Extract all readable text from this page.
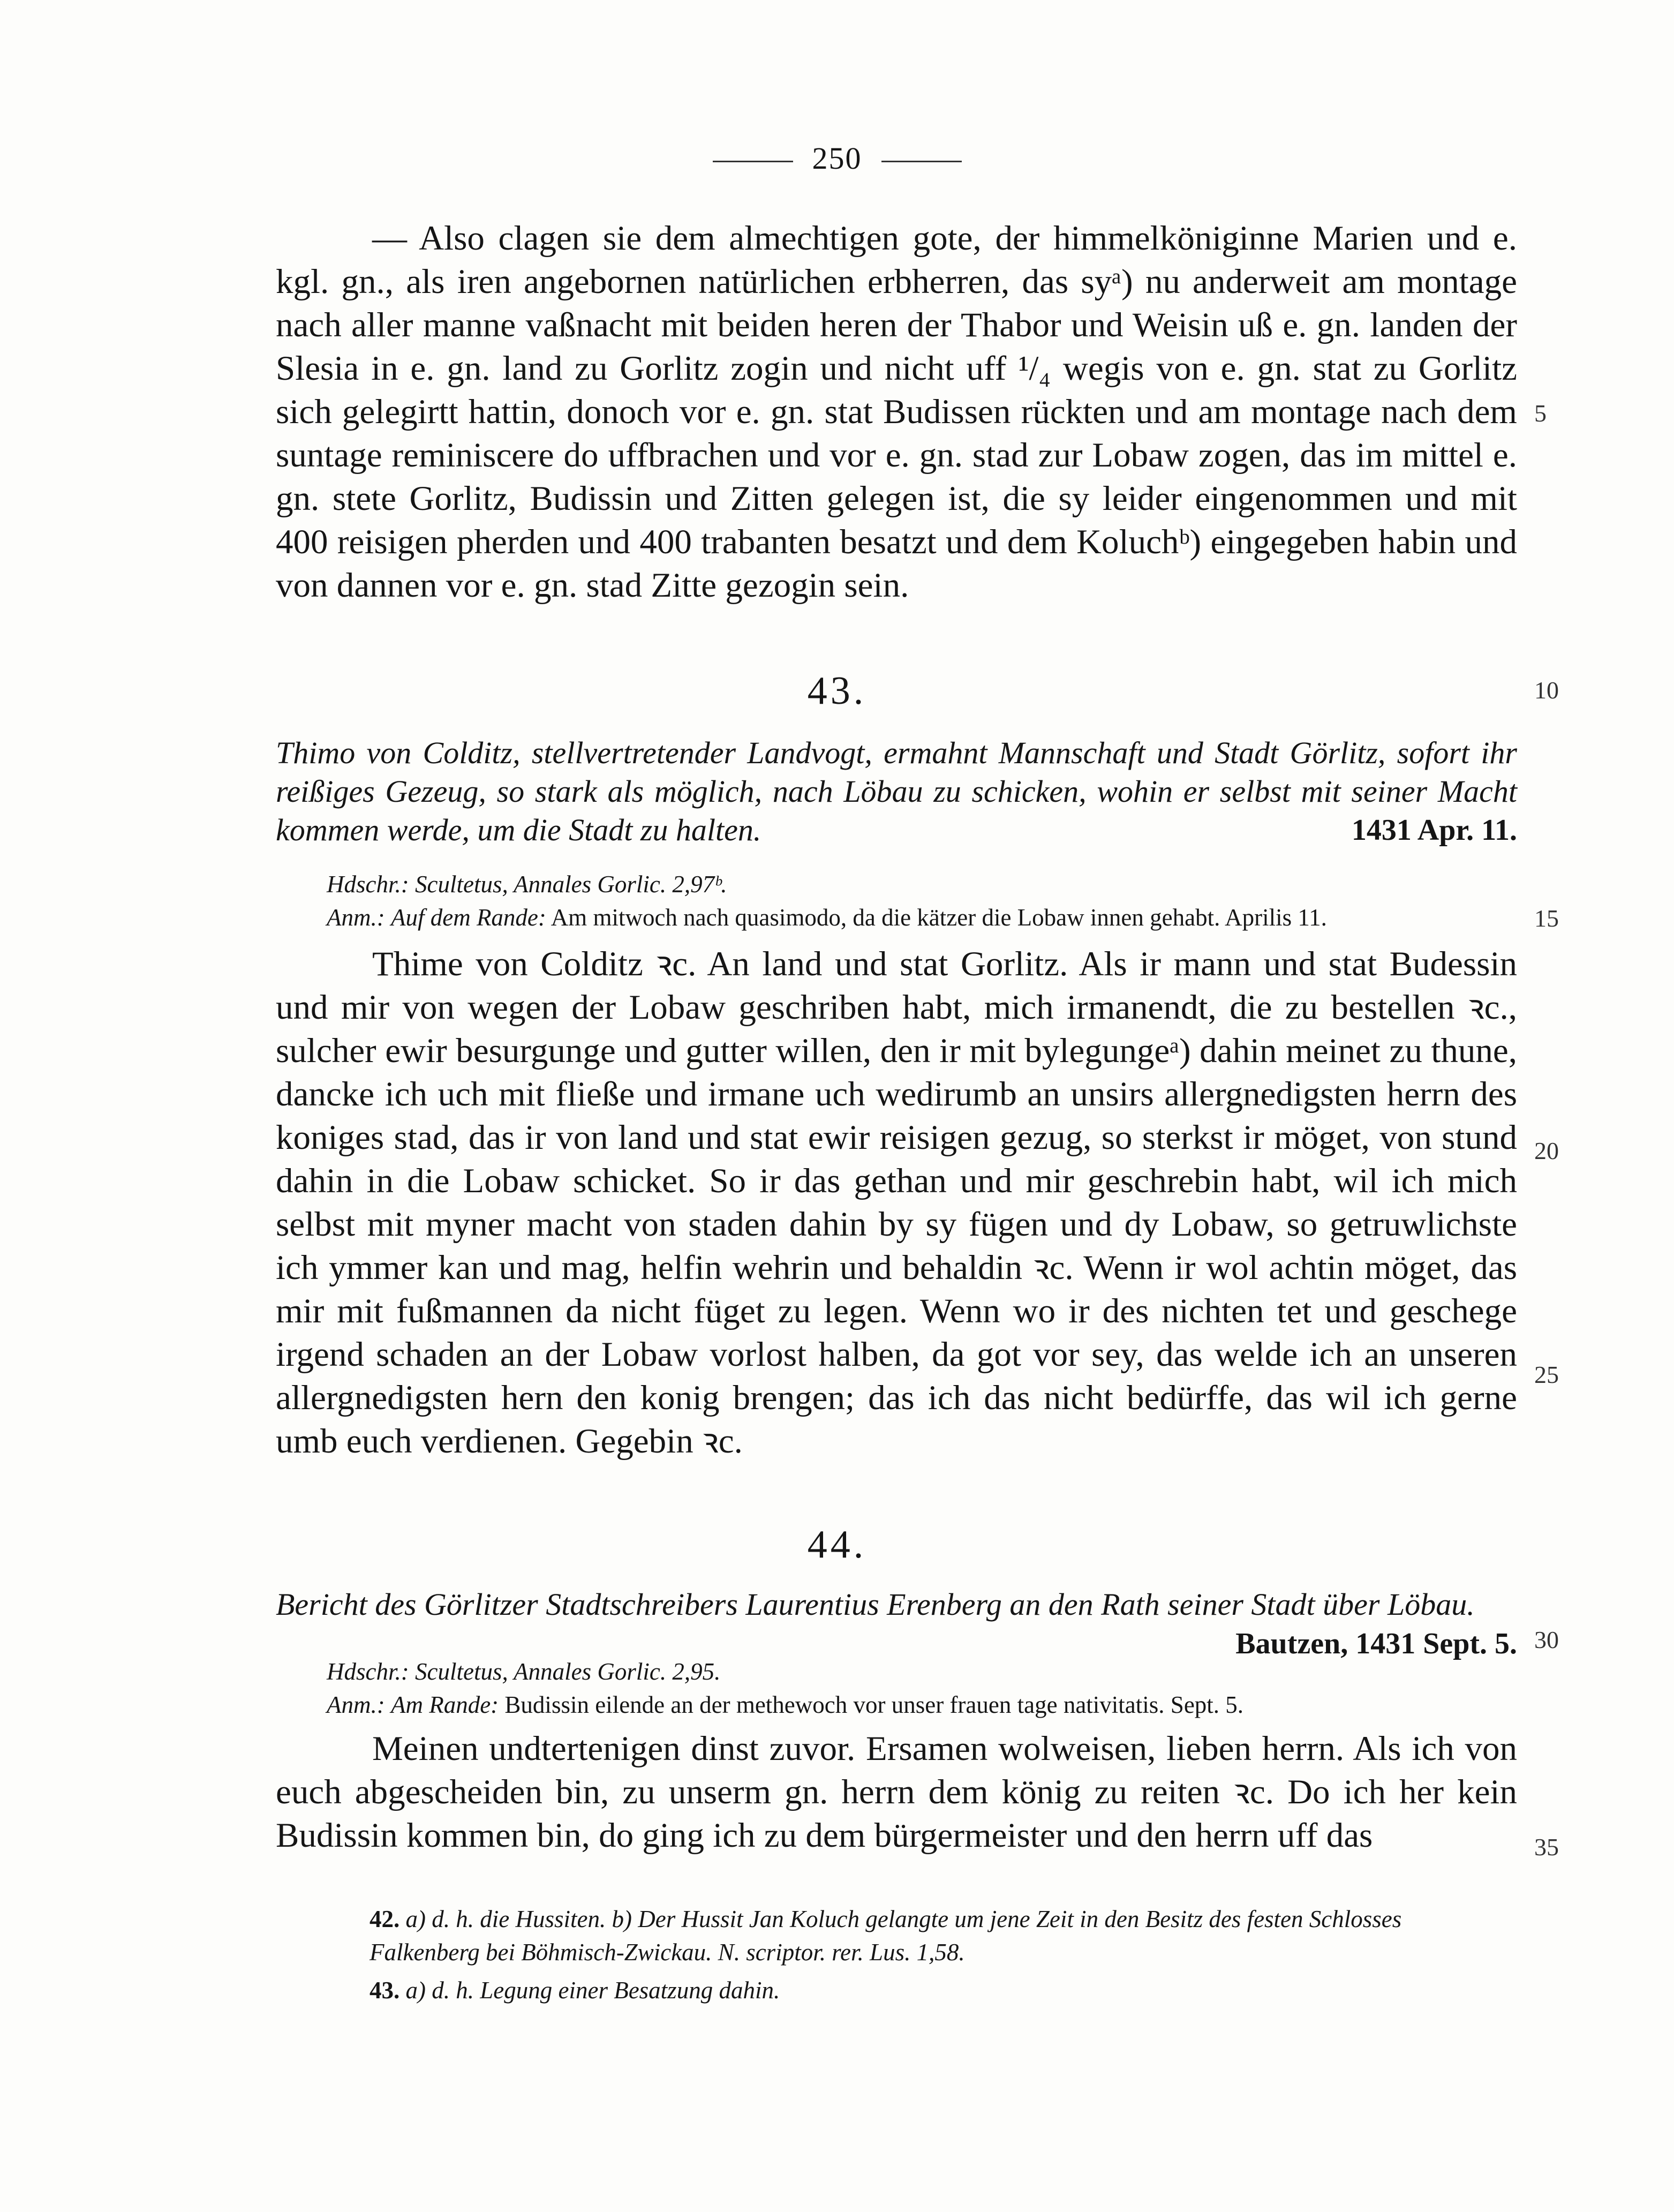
250

— Also clagen sie dem almechtigen gote, der himmelköniginne Marien und e. kgl. gn., als iren angebornen natürlichen erbherren, das syᵃ) nu anderweit am montage nach aller manne vaßnacht mit beiden heren der Thabor und Weisin uß e. gn. landen der Slesia in e. gn. land zu Gorlitz zogin und nicht uff ¹/₄ wegis von e. gn. stat zu Gorlitz sich gelegirtt hattin, donoch vor e. gn. stat Budissen rückten und am montage nach dem suntage reminiscere do uffbrachen und vor e. gn. stad zur Lobaw zogen, das im mittel e. gn. stete Gorlitz, Budissin und Zitten gelegen ist, die sy leider eingenommen und mit 400 reisigen pherden und 400 trabanten besatzt und dem Koluchᵇ) eingegeben habin und von dannen vor e. gn. stad Zitte gezogin sein.

43.

Thimo von Colditz, stellvertretender Landvogt, ermahnt Mannschaft und Stadt Görlitz, sofort ihr reißiges Gezeug, so stark als möglich, nach Löbau zu schicken, wohin er selbst mit seiner Macht kommen werde, um die Stadt zu halten.	1431 Apr. 11.

Hdschr.: Scultetus, Annales Gorlic. 2,97ᵇ.
Anm.: Auf dem Rande: Am mitwoch nach quasimodo, da die kätzer die Lobaw innen gehabt. Aprilis 11.

Thime von Colditz ꝛc. An land und stat Gorlitz. Als ir mann und stat Budessin und mir von wegen der Lobaw geschriben habt, mich irmanendt, die zu bestellen ꝛc., sulcher ewir besurgunge und gutter willen, den ir mit bylegungeᵃ) dahin meinet zu thune, dancke ich uch mit fließe und irmane uch wedirumb an unsirs allergnedigsten herrn des koniges stad, das ir von land und stat ewir reisigen gezug, so sterkst ir möget, von stund dahin in die Lobaw schicket. So ir das gethan und mir geschrebin habt, wil ich mich selbst mit myner macht von staden dahin by sy fügen und dy Lobaw, so getruwlichste ich ymmer kan und mag, helfin wehrin und behaldin ꝛc. Wenn ir wol achtin möget, das mir mit fußmannen da nicht füget zu legen. Wenn wo ir des nichten tet und geschege irgend schaden an der Lobaw vorlost halben, da got vor sey, das welde ich an unseren allergnedigsten hern den konig brengen; das ich das nicht bedürffe, das wil ich gerne umb euch verdienen. Gegebin ꝛc.

44.

Bericht des Görlitzer Stadtschreibers Laurentius Erenberg an den Rath seiner Stadt über Löbau.

Bautzen, 1431 Sept. 5.
Hdschr.: Scultetus, Annales Gorlic. 2,95.
Anm.: Am Rande: Budissin eilende an der methewoch vor unser frauen tage nativitatis. Sept. 5.

Meinen undtertenigen dinst zuvor. Ersamen wolweisen, lieben herrn. Als ich von euch abgescheiden bin, zu unserm gn. herrn dem könig zu reiten ꝛc. Do ich her kein Budissin kommen bin, do ging ich zu dem bürgermeister und den herrn uff das

5
10
15
20
25
30
35
42. a) d. h. die Hussiten. b) Der Hussit Jan Koluch gelangte um jene Zeit in den Besitz des festen Schlosses Falkenberg bei Böhmisch-Zwickau. N. scriptor. rer. Lus. 1,58.
43. a) d. h. Legung einer Besatzung dahin.
